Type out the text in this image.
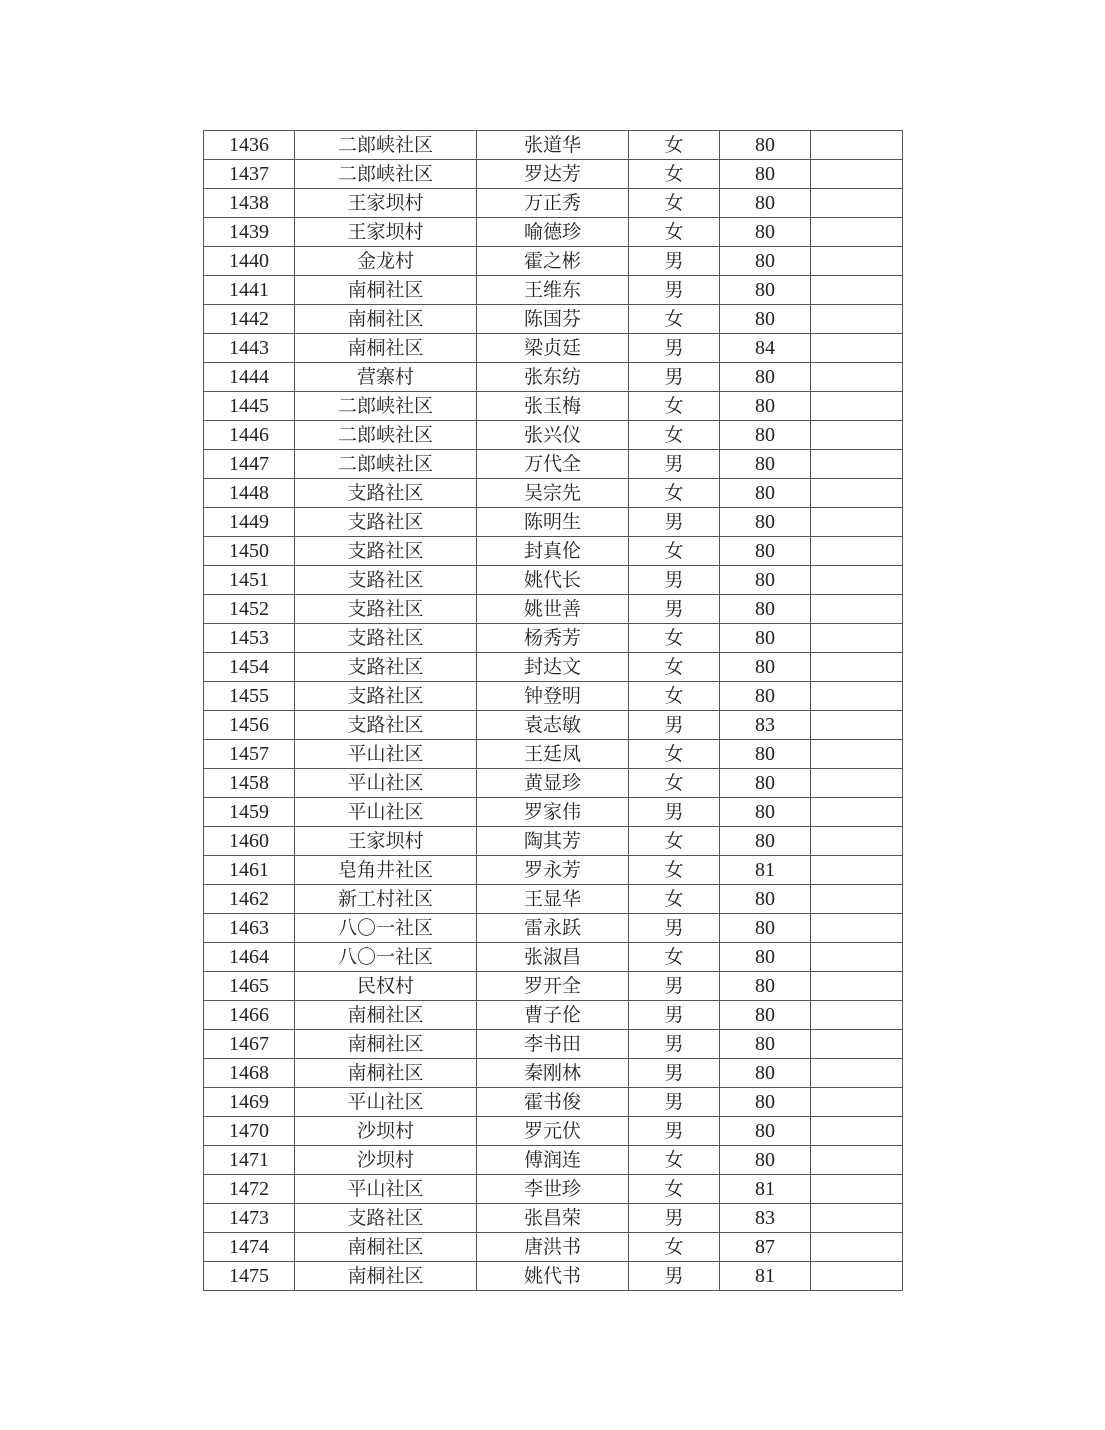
1436	二郎峡社区	张道华	女	80	
1437	二郎峡社区	罗达芳	女	80	
1438	王家坝村	万正秀	女	80	
1439	王家坝村	喻德珍	女	80	
1440	金龙村	霍之彬	男	80	
1441	南桐社区	王维东	男	80	
1442	南桐社区	陈国芬	女	80	
1443	南桐社区	梁贞廷	男	84	
1444	营寨村	张东纺	男	80	
1445	二郎峡社区	张玉梅	女	80	
1446	二郎峡社区	张兴仪	女	80	
1447	二郎峡社区	万代全	男	80	
1448	支路社区	吴宗先	女	80	
1449	支路社区	陈明生	男	80	
1450	支路社区	封真伦	女	80	
1451	支路社区	姚代长	男	80	
1452	支路社区	姚世善	男	80	
1453	支路社区	杨秀芳	女	80	
1454	支路社区	封达文	女	80	
1455	支路社区	钟登明	女	80	
1456	支路社区	袁志敏	男	83	
1457	平山社区	王廷凤	女	80	
1458	平山社区	黄显珍	女	80	
1459	平山社区	罗家伟	男	80	
1460	王家坝村	陶其芳	女	80	
1461	皂角井社区	罗永芳	女	81	
1462	新工村社区	王显华	女	80	
1463	八〇一社区	雷永跃	男	80	
1464	八〇一社区	张淑昌	女	80	
1465	民权村	罗开全	男	80	
1466	南桐社区	曹子伦	男	80	
1467	南桐社区	李书田	男	80	
1468	南桐社区	秦刚林	男	80	
1469	平山社区	霍书俊	男	80	
1470	沙坝村	罗元伏	男	80	
1471	沙坝村	傅润连	女	80	
1472	平山社区	李世珍	女	81	
1473	支路社区	张昌荣	男	83	
1474	南桐社区	唐洪书	女	87	
1475	南桐社区	姚代书	男	81	
